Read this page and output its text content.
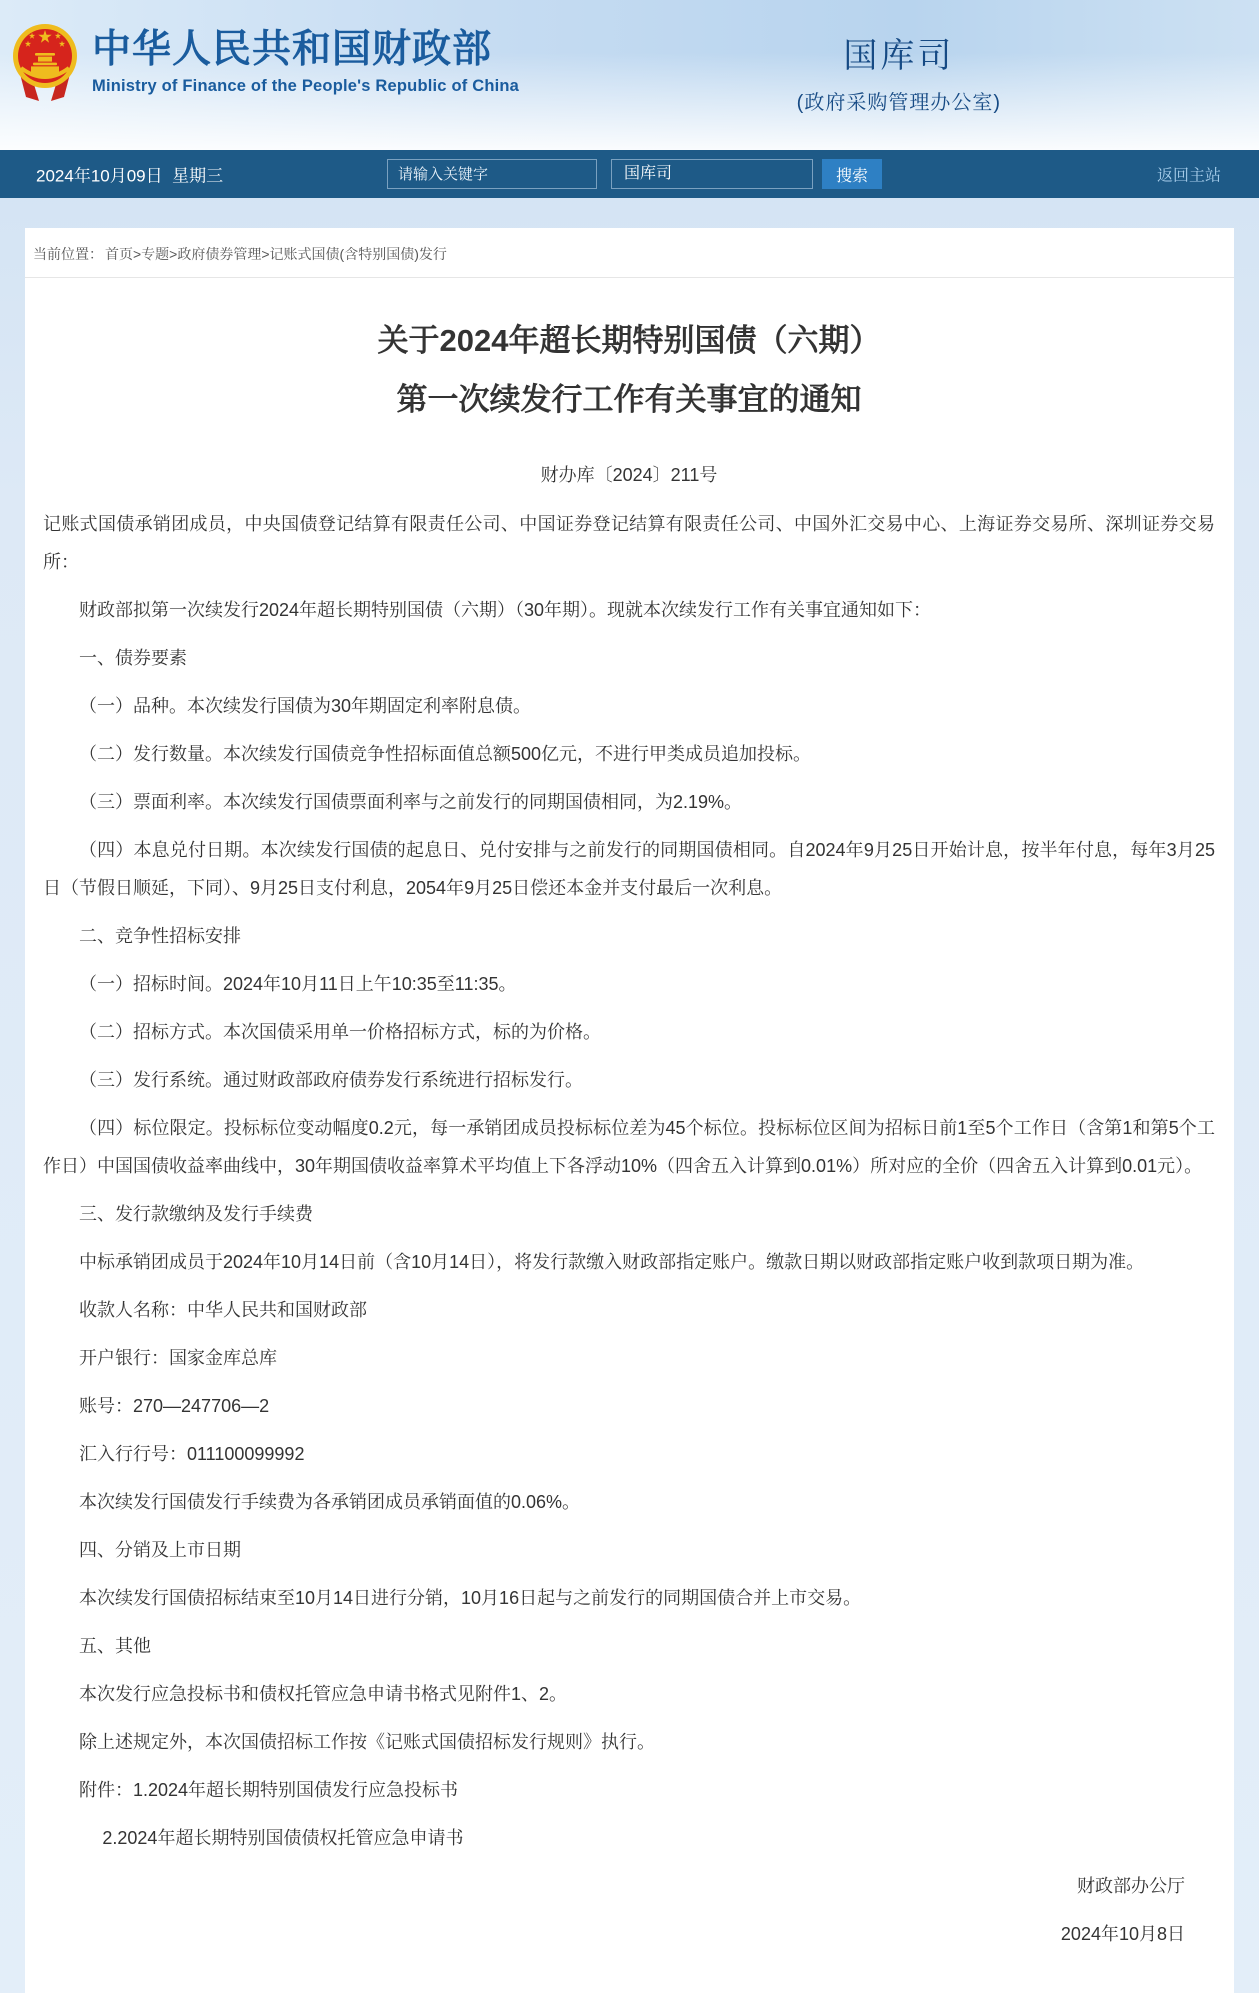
中华人民共和国财政部
Ministry of Finance of the People's Republic of China
国库司
(政府采购管理办公室)
2024年10月09日  星期三
请输入关键字	国库司	搜索	返回主站
当前位置： 首页>专题>政府债券管理>记账式国债(含特别国债)发行
关于2024年超长期特别国债（六期）
第一次续发行工作有关事宜的通知
财办库〔2024〕211号

记账式国债承销团成员，中央国债登记结算有限责任公司、中国证券登记结算有限责任公司、中国外汇交易中心、上海证券交易所、深圳证券交易所：

财政部拟第一次续发行2024年超长期特别国债（六期）（30年期）。现就本次续发行工作有关事宜通知如下：

一、债券要素

（一）品种。本次续发行国债为30年期固定利率附息债。

（二）发行数量。本次续发行国债竞争性招标面值总额500亿元，不进行甲类成员追加投标。

（三）票面利率。本次续发行国债票面利率与之前发行的同期国债相同，为2.19%。

（四）本息兑付日期。本次续发行国债的起息日、兑付安排与之前发行的同期国债相同。自2024年9月25日开始计息，按半年付息，每年3月25日（节假日顺延，下同）、9月25日支付利息，2054年9月25日偿还本金并支付最后一次利息。

二、竞争性招标安排

（一）招标时间。2024年10月11日上午10:35至11:35。

（二）招标方式。本次国债采用单一价格招标方式，标的为价格。

（三）发行系统。通过财政部政府债券发行系统进行招标发行。

（四）标位限定。投标标位变动幅度0.2元，每一承销团成员投标标位差为45个标位。投标标位区间为招标日前1至5个工作日（含第1和第5个工作日）中国国债收益率曲线中，30年期国债收益率算术平均值上下各浮动10%（四舍五入计算到0.01%）所对应的全价（四舍五入计算到0.01元）。

三、发行款缴纳及发行手续费

中标承销团成员于2024年10月14日前（含10月14日），将发行款缴入财政部指定账户。缴款日期以财政部指定账户收到款项日期为准。

收款人名称：中华人民共和国财政部

开户银行：国家金库总库

账号：270—247706—2

汇入行行号：011100099992

本次续发行国债发行手续费为各承销团成员承销面值的0.06%。

四、分销及上市日期

本次续发行国债招标结束至10月14日进行分销，10月16日起与之前发行的同期国债合并上市交易。

五、其他

本次发行应急投标书和债权托管应急申请书格式见附件1、2。

除上述规定外，本次国债招标工作按《记账式国债招标发行规则》执行。

附件：1.2024年超长期特别国债发行应急投标书

2.2024年超长期特别国债债权托管应急申请书

财政部办公厅

2024年10月8日
